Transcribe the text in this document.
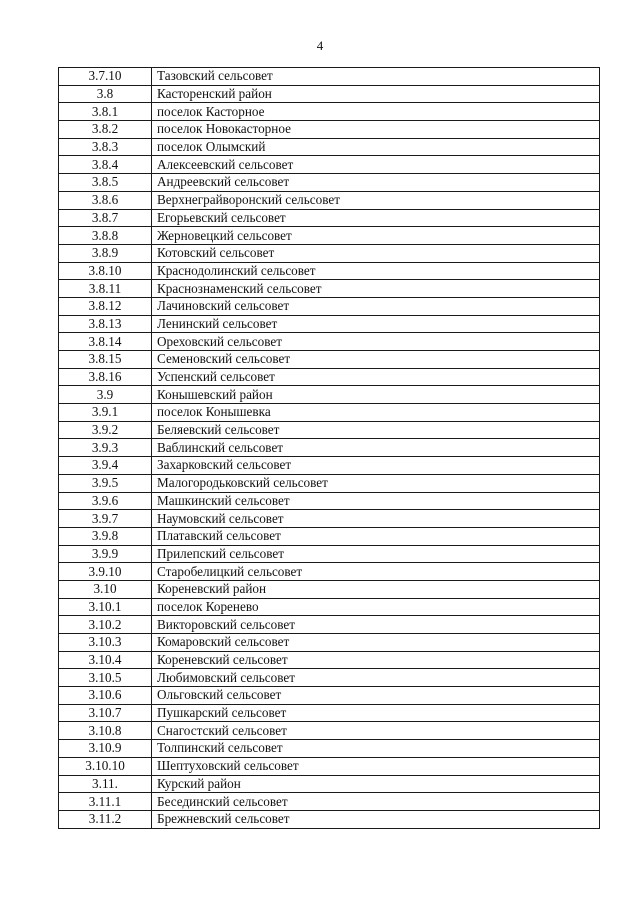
4
3.7.10	Тазовский сельсовет
3.8	Касторенский район
3.8.1	поселок Касторное
3.8.2	поселок Новокасторное
3.8.3	поселок Олымский
3.8.4	Алексеевский сельсовет
3.8.5	Андреевский сельсовет
3.8.6	Верхнеграйворонский сельсовет
3.8.7	Егорьевский сельсовет
3.8.8	Жерновецкий сельсовет
3.8.9	Котовский сельсовет
3.8.10	Краснодолинский сельсовет
3.8.11	Краснознаменский сельсовет
3.8.12	Лачиновский сельсовет
3.8.13	Ленинский сельсовет
3.8.14	Ореховский сельсовет
3.8.15	Семеновский сельсовет
3.8.16	Успенский сельсовет
3.9	Конышевский район
3.9.1	поселок Конышевка
3.9.2	Беляевский сельсовет
3.9.3	Ваблинский сельсовет
3.9.4	Захарковский сельсовет
3.9.5	Малогородьковский сельсовет
3.9.6	Машкинский сельсовет
3.9.7	Наумовский сельсовет
3.9.8	Платавский сельсовет
3.9.9	Прилепский сельсовет
3.9.10	Старобелицкий сельсовет
3.10	Кореневский район
3.10.1	поселок Коренево
3.10.2	Викторовский сельсовет
3.10.3	Комаровский сельсовет
3.10.4	Кореневский сельсовет
3.10.5	Любимовский сельсовет
3.10.6	Ольговский сельсовет
3.10.7	Пушкарский сельсовет
3.10.8	Снагостский сельсовет
3.10.9	Толпинский сельсовет
3.10.10	Шептуховский сельсовет
3.11.	Курский район
3.11.1	Бесединский сельсовет
3.11.2	Брежневский сельсовет
